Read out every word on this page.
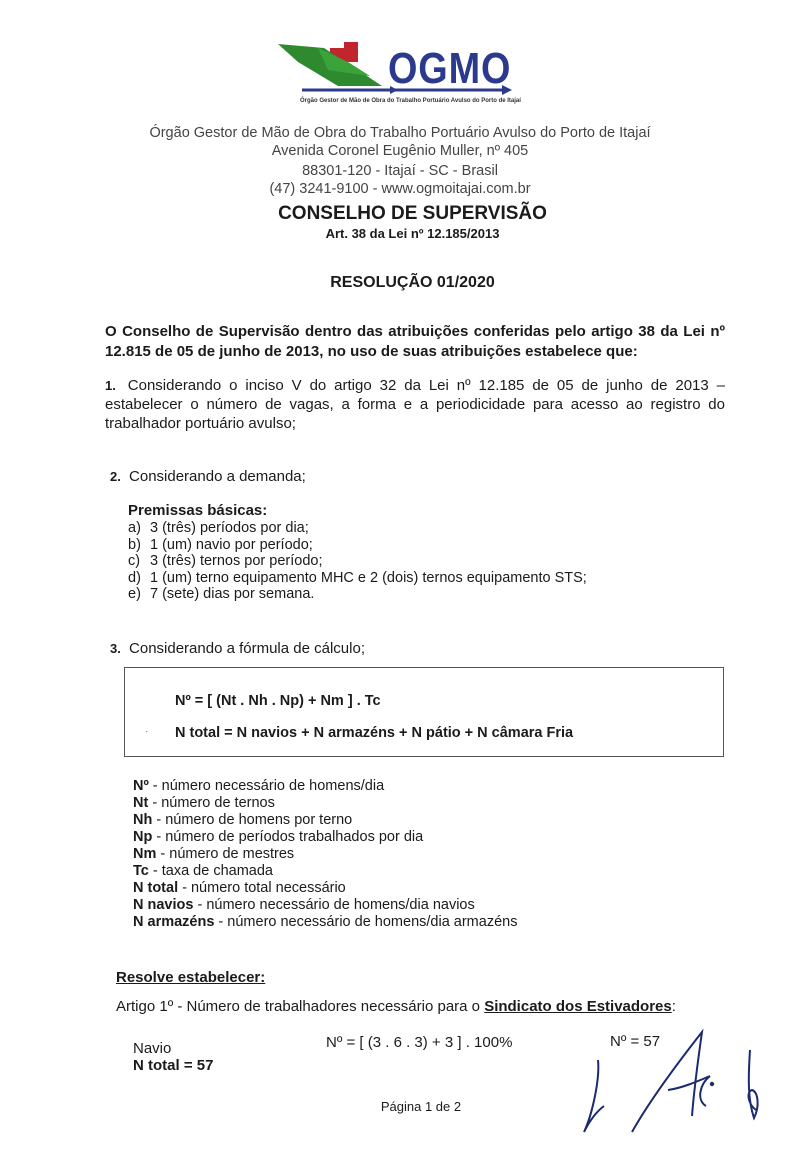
OGMO
Órgão Gestor de Mão de Obra do Trabalho Portuário Avulso do Porto de Itajaí
Órgão Gestor de Mão de Obra do Trabalho Portuário Avulso do Porto de Itajaí
Avenida Coronel Eugênio Muller, nº 405
88301-120 - Itajaí - SC - Brasil
(47) 3241-9100 - www.ogmoitajai.com.br
CONSELHO DE SUPERVISÃO
Art. 38 da Lei nº 12.185/2013
RESOLUÇÃO 01/2020
O Conselho de Supervisão dentro das atribuições conferidas pelo artigo 38 da Lei nº 12.815 de 05 de junho de 2013, no uso de suas atribuições estabelece que:
1. Considerando o inciso V do artigo 32 da Lei nº 12.185 de 05 de junho de 2013 – estabelecer o número de vagas, a forma e a periodicidade para acesso ao registro do trabalhador portuário avulso;
2. Considerando a demanda;
Premissas básicas:
a) 3 (três) períodos por dia;
b) 1 (um) navio por período;
c) 3 (três) ternos por período;
d) 1 (um) terno equipamento MHC e 2 (dois) ternos equipamento STS;
e) 7 (sete) dias por semana.
3. Considerando a fórmula de cálculo;
Nº = [ (Nt . Nh . Np) + Nm ] . Tc
· N total = N navios + N armazéns + N pátio + N câmara Fria
Nº - número necessário de homens/dia
Nt - número de ternos
Nh - número de homens por terno
Np - número de períodos trabalhados por dia
Nm - número de mestres
Tc - taxa de chamada
N total - número total necessário
N navios - número necessário de homens/dia navios
N armazéns - número necessário de homens/dia armazéns
Resolve estabelecer:
Artigo 1º - Número de trabalhadores necessário para o Sindicato dos Estivadores:
Navio
N total = 57
Nº = [ (3 . 6 . 3) + 3 ] . 100%	Nº = 57
Página 1 de 2
